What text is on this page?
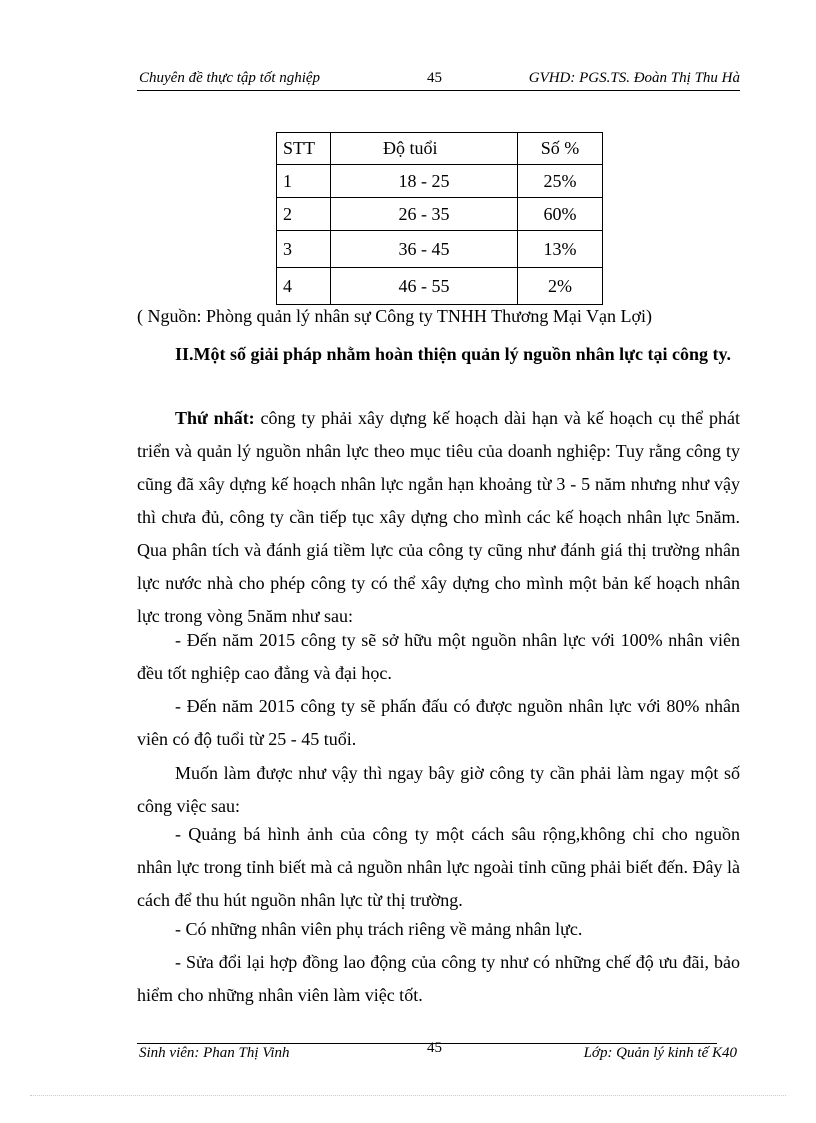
Chuyên đề thực tập tốt nghiệp	45	GVHD: PGS.TS. Đoàn Thị Thu Hà
STT	Độ tuổi	Số %
1	18 - 25	25%
2	26 - 35	60%
3	36 - 45	13%
4	46 - 55	2%
( Nguồn: Phòng quản lý nhân sự Công ty TNHH Thương Mại Vạn Lợi)
II.Một số giải pháp nhằm hoàn thiện quản lý nguồn nhân lực tại công ty.
Thứ nhất: công ty phải xây dựng kế hoạch dài hạn và kế hoạch cụ thể phát triển và quản lý nguồn nhân lực theo mục tiêu của doanh nghiệp: Tuy rằng công ty cũng đã xây dựng kế hoạch nhân lực ngắn hạn khoảng từ 3 - 5 năm nhưng như vậy thì chưa đủ, công ty cần tiếp tục xây dựng cho mình các kế hoạch nhân lực 5năm. Qua phân tích và đánh giá tiềm lực của công ty cũng như đánh giá thị trường nhân lực nước nhà cho phép công ty có thể xây dựng cho mình một bản kế hoạch nhân lực trong vòng 5năm như sau:
- Đến năm 2015 công ty sẽ sở hữu một nguồn nhân lực với 100% nhân viên đều tốt nghiệp cao đẳng và đại học.
- Đến năm 2015 công ty sẽ phấn đấu có được nguồn nhân lực với 80% nhân viên có độ tuổi từ 25 - 45 tuổi.
Muốn làm được như vậy thì ngay bây giờ công ty cần phải làm ngay một số công việc sau:
- Quảng bá hình ảnh của công ty một cách sâu rộng,không chỉ cho nguồn nhân lực trong tỉnh biết mà cả nguồn nhân lực ngoài tỉnh cũng phải biết đến. Đây là cách để thu hút nguồn nhân lực từ thị trường.
- Có những nhân viên phụ trách riêng về mảng nhân lực.
- Sửa đổi lại hợp đồng lao động của công ty như có những chế độ ưu đãi, bảo hiểm cho những nhân viên làm việc tốt.
Sinh viên: Phan Thị Vinh	45	Lớp: Quản lý kinh tế K40
